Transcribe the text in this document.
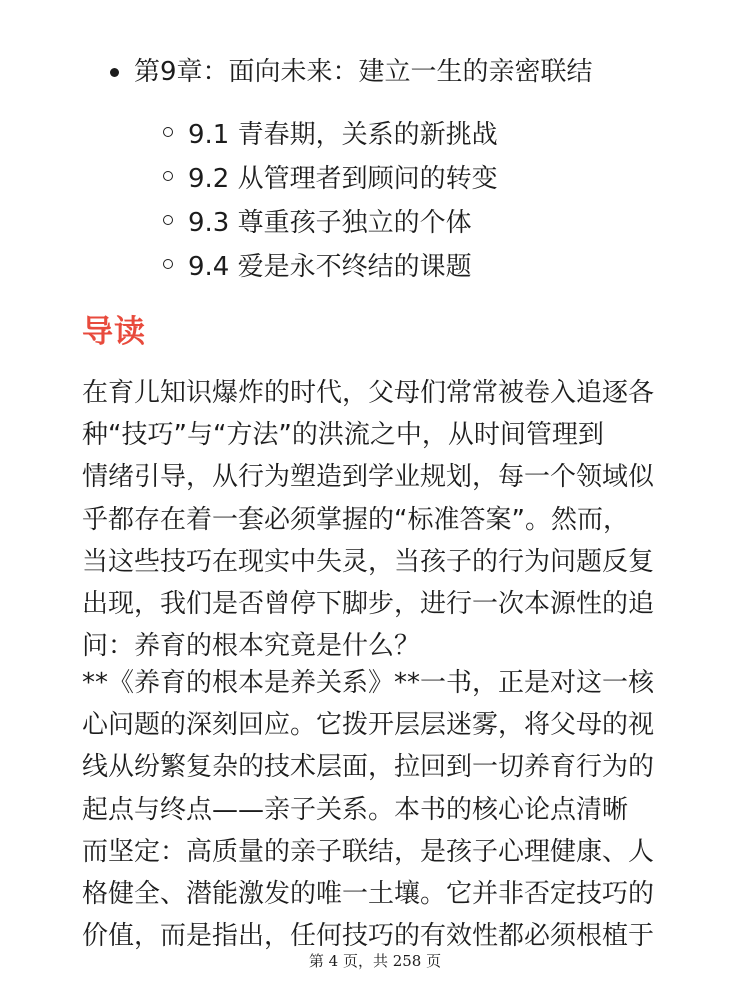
第9章：面向未来：建立一生的亲密联结
9.1 青春期，关系的新挑战
9.2 从管理者到顾问的转变
9.3 尊重孩子独立的个体
9.4 爱是永不终结的课题
导读

在育儿知识爆炸的时代，父母们常常被卷入追逐各
种“技巧”与“方法”的洪流之中，从时间管理到
情绪引导，从行为塑造到学业规划，每一个领域似
乎都存在着一套必须掌握的“标准答案”。然而，
当这些技巧在现实中失灵，当孩子的行为问题反复
出现，我们是否曾停下脚步，进行一次本源性的追
问：养育的根本究竟是什么？

**《养育的根本是养关系》**一书，正是对这一核
心问题的深刻回应。它拨开层层迷雾，将父母的视
线从纷繁复杂的技术层面，拉回到一切养育行为的
起点与终点——亲子关系。本书的核心论点清晰
而坚定：高质量的亲子联结，是孩子心理健康、人
格健全、潜能激发的唯一土壤。它并非否定技巧的
价值，而是指出，任何技巧的有效性都必须根植于

第 4 页，共 258 页
